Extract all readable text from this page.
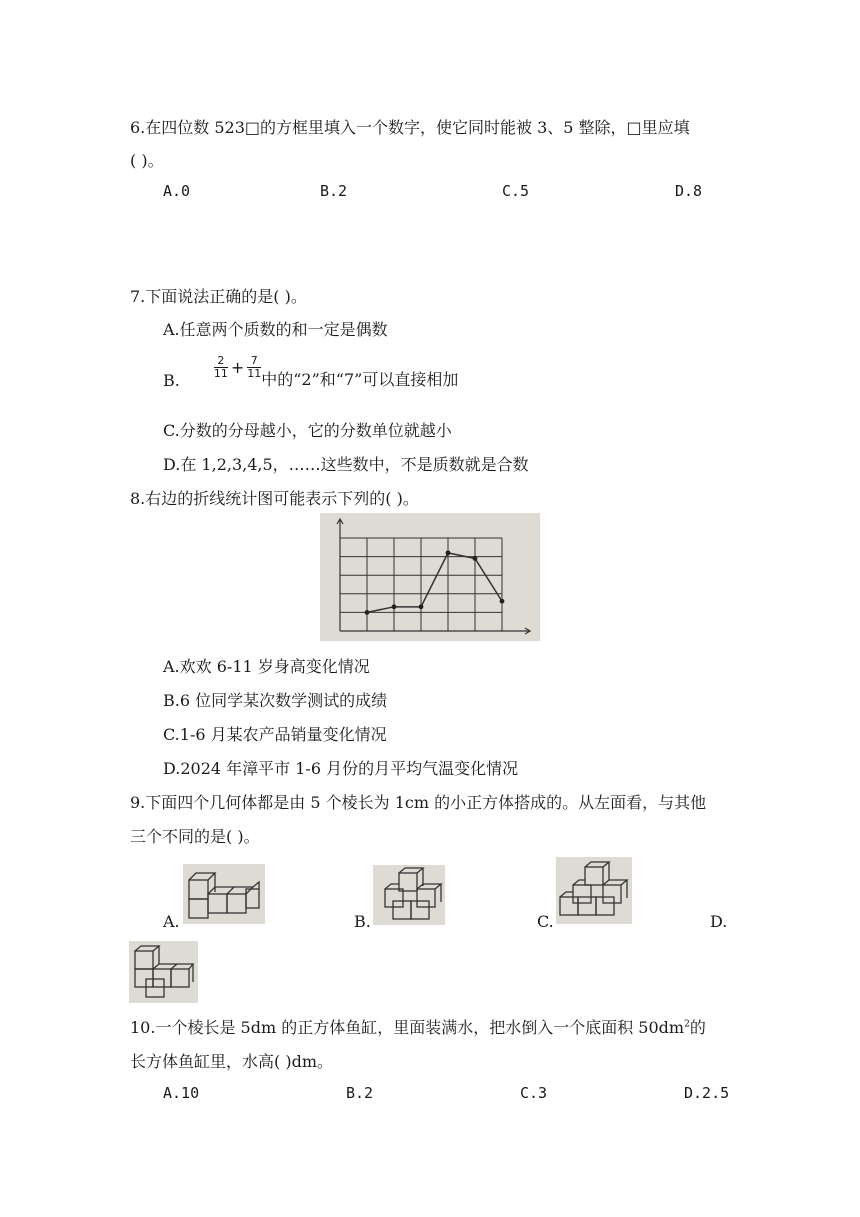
6.在四位数 523□的方框里填入一个数字，使它同时能被 3、5 整除，□里应填
( )。
A.0	B.2	C.5	D.8
7.下面说法正确的是( )。
A.任意两个质数的和一定是偶数
B.
$\frac{2}{11} + \frac{7}{11}$ 中的“2”和“7”可以直接相加
C.分数的分母越小，它的分数单位就越小
D.在 1,2,3,4,5，……这些数中，不是质数就是合数
8.右边的折线统计图可能表示下列的( )。
A.欢欢 6-11 岁身高变化情况
B.6 位同学某次数学测试的成绩
C.1-6 月某农产品销量变化情况
D.2024 年漳平市 1-6 月份的月平均气温变化情况
9.下面四个几何体都是由 5 个棱长为 1cm 的小正方体搭成的。从左面看，与其他
三个不同的是( )。
A.	B.	C.	D.
10.一个棱长是 5dm 的正方体鱼缸，里面装满水，把水倒入一个底面积 $50dm^2$的
长方体鱼缸里，水高( )dm。
A.10	B.2	C.3	D.2.5
